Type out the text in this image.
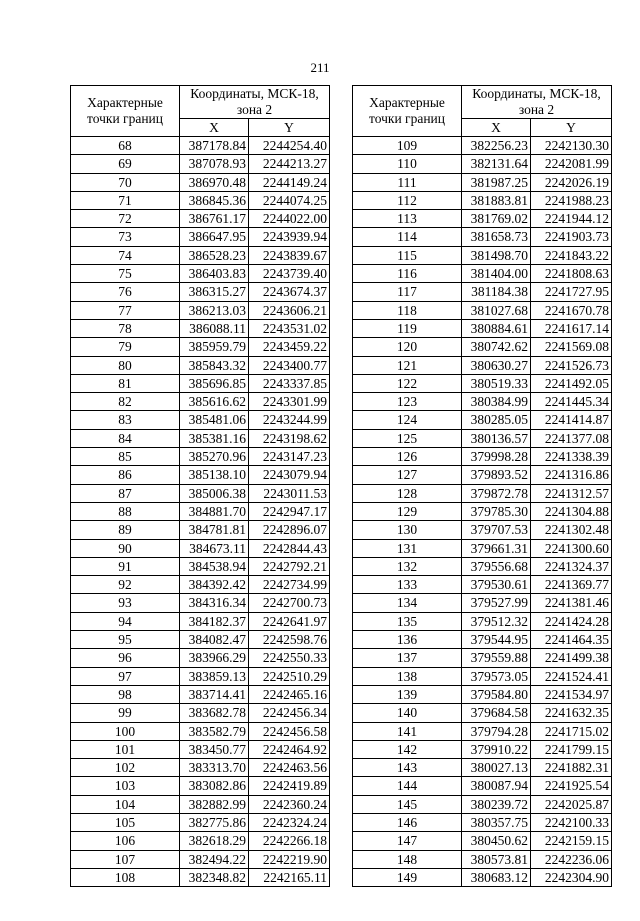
211
Характерные точки границ	Координаты, МСК-18, зона 2	
	X	Y
68	387178.84	2244254.40
69	387078.93	2244213.27
70	386970.48	2244149.24
71	386845.36	2244074.25
72	386761.17	2244022.00
73	386647.95	2243939.94
74	386528.23	2243839.67
75	386403.83	2243739.40
76	386315.27	2243674.37
77	386213.03	2243606.21
78	386088.11	2243531.02
79	385959.79	2243459.22
80	385843.32	2243400.77
81	385696.85	2243337.85
82	385616.62	2243301.99
83	385481.06	2243244.99
84	385381.16	2243198.62
85	385270.96	2243147.23
86	385138.10	2243079.94
87	385006.38	2243011.53
88	384881.70	2242947.17
89	384781.81	2242896.07
90	384673.11	2242844.43
91	384538.94	2242792.21
92	384392.42	2242734.99
93	384316.34	2242700.73
94	384182.37	2242641.97
95	384082.47	2242598.76
96	383966.29	2242550.33
97	383859.13	2242510.29
98	383714.41	2242465.16
99	383682.78	2242456.34
100	383582.79	2242456.58
101	383450.77	2242464.92
102	383313.70	2242463.56
103	383082.86	2242419.89
104	382882.99	2242360.24
105	382775.86	2242324.24
106	382618.29	2242266.18
107	382494.22	2242219.90
108	382348.82	2242165.11
Характерные точки границ	Координаты, МСК-18, зона 2	
	X	Y
109	382256.23	2242130.30
110	382131.64	2242081.99
111	381987.25	2242026.19
112	381883.81	2241988.23
113	381769.02	2241944.12
114	381658.73	2241903.73
115	381498.70	2241843.22
116	381404.00	2241808.63
117	381184.38	2241727.95
118	381027.68	2241670.78
119	380884.61	2241617.14
120	380742.62	2241569.08
121	380630.27	2241526.73
122	380519.33	2241492.05
123	380384.99	2241445.34
124	380285.05	2241414.87
125	380136.57	2241377.08
126	379998.28	2241338.39
127	379893.52	2241316.86
128	379872.78	2241312.57
129	379785.30	2241304.88
130	379707.53	2241302.48
131	379661.31	2241300.60
132	379556.68	2241324.37
133	379530.61	2241369.77
134	379527.99	2241381.46
135	379512.32	2241424.28
136	379544.95	2241464.35
137	379559.88	2241499.38
138	379573.05	2241524.41
139	379584.80	2241534.97
140	379684.58	2241632.35
141	379794.28	2241715.02
142	379910.22	2241799.15
143	380027.13	2241882.31
144	380087.94	2241925.54
145	380239.72	2242025.87
146	380357.75	2242100.33
147	380450.62	2242159.15
148	380573.81	2242236.06
149	380683.12	2242304.90
